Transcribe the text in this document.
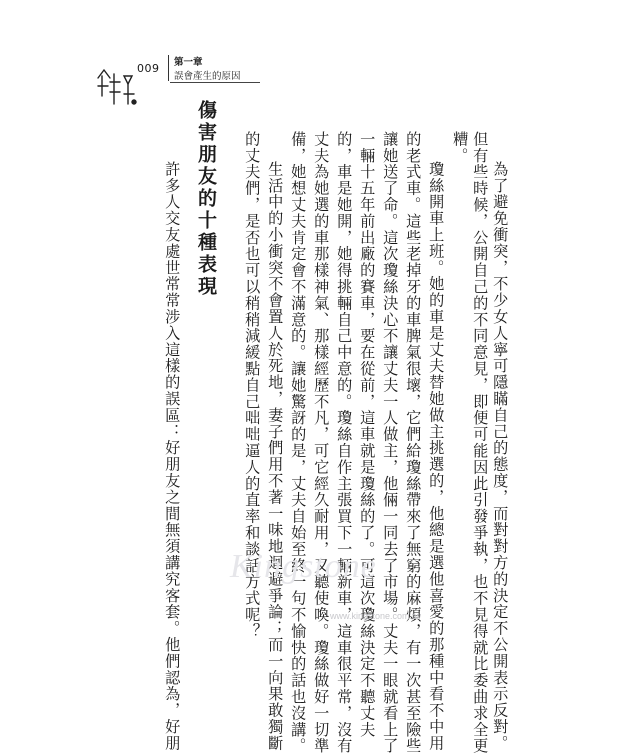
009 第一章
誤會產生的原因
為了避免衝突，不少女人寧可隱瞞自己的態度，而對對方的決定不公開表示反對。
但有些時候，公開自己的不同意見，即便可能因此引發爭執，也不見得就比委曲求全更
糟。
瓊絲開車上班。她的車是丈夫替她做主挑選的，他總是選他喜愛的那種中看不中用
的老式車。這些老掉牙的車脾氣很壞，它們給瓊絲帶來了無窮的麻煩，有一次甚至險些
讓她送了命。這次瓊絲決心不讓丈夫一人做主，他倆一同去了市場。丈夫一眼就看上了
一輛十五年前出廠的賽車，要在從前，這車就是瓊絲的了。可這次瓊絲決定不聽丈夫
的，車是她開，她得挑輛自己中意的。瓊絲自作主張買下一輛新車，這車很平常，沒有
丈夫為她選的車那樣神氣、那樣經歷不凡，可它經久耐用，又聽使喚。瓊絲做好一切準
備，她想丈夫肯定會不滿意的。讓她驚訝的是，丈夫自始至終一句不愉快的話也沒講。
生活中的小衝突不會置人於死地，妻子們用不著一味地迴避爭論；而一向果敢獨斷
的丈夫們，是否也可以稍稍減緩點自己咄咄逼人的直率和談話方式呢？
傷害朋友的十種表現
許多人交友處世常常涉入這樣的誤區：好朋友之間無須講究客套。他們認為，好朋 Kingstone
www.kingstone.com.tw
